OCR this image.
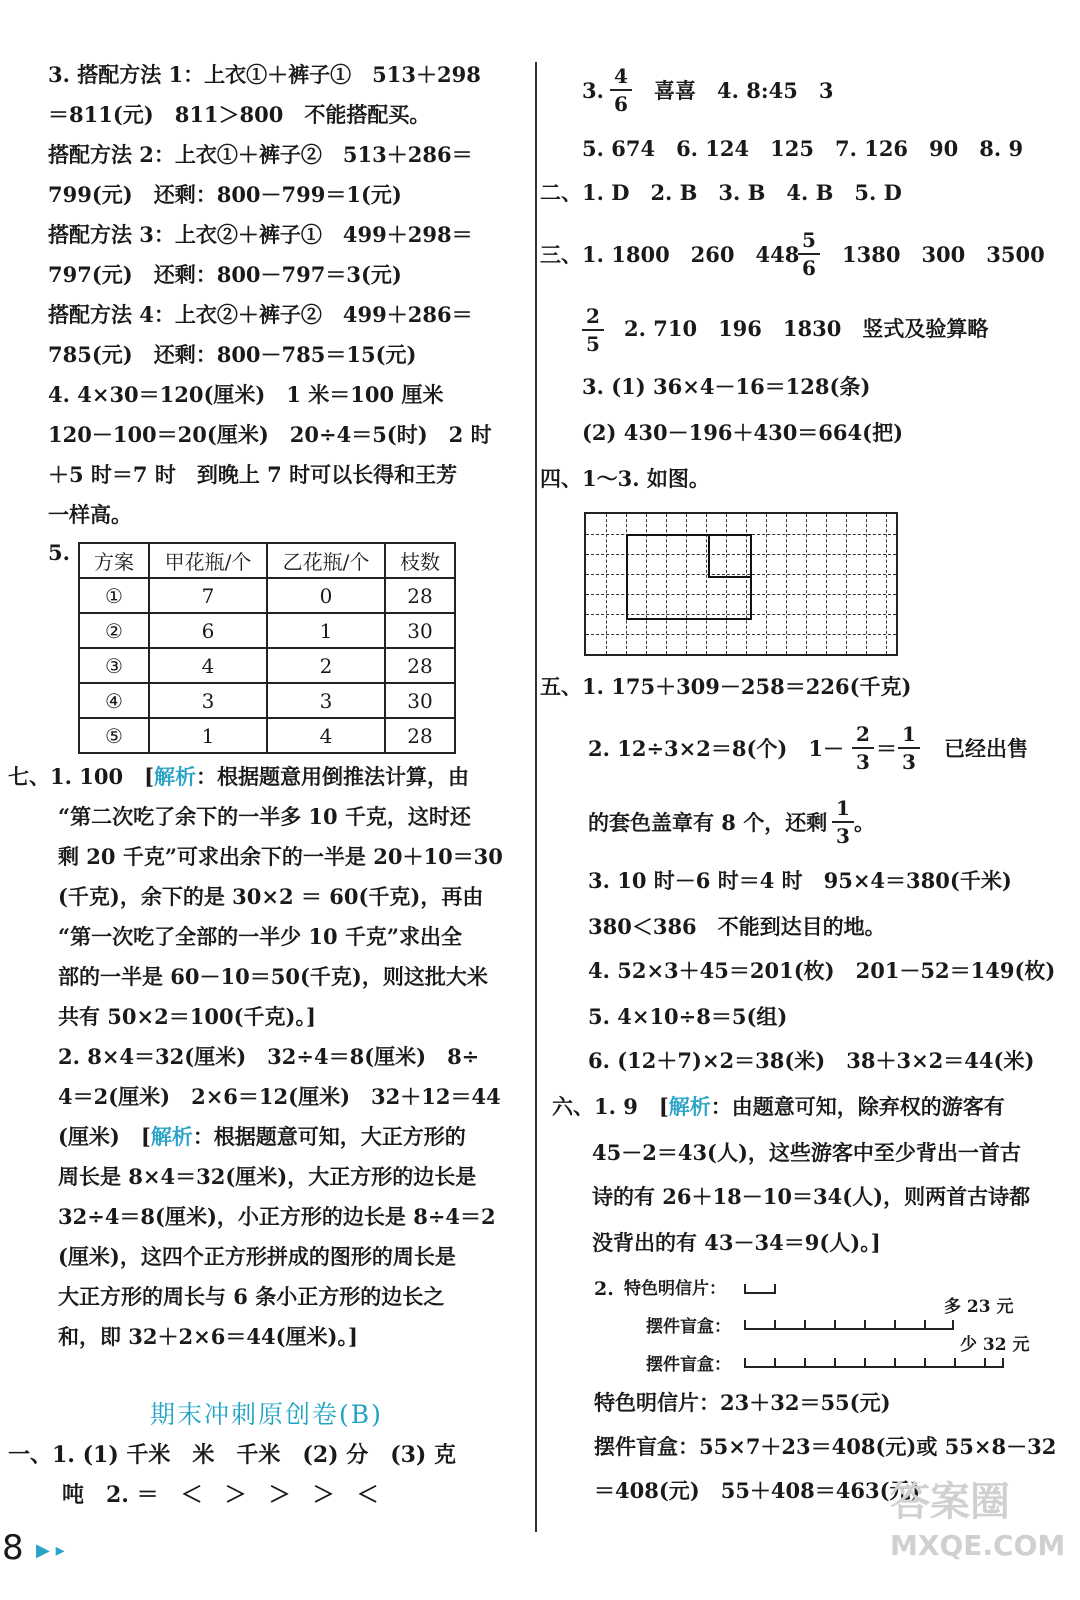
3. 搭配方法 1：上衣①＋裤子①　513＋298
＝811(元)　811＞800　不能搭配买。
搭配方法 2：上衣①＋裤子②　513＋286＝
799(元)　还剩：800－799＝1(元)
搭配方法 3：上衣②＋裤子①　499＋298＝
797(元)　还剩：800－797＝3(元)
搭配方法 4：上衣②＋裤子②　499＋286＝
785(元)　还剩：800－785＝15(元)
4. 4×30＝120(厘米)　1 米＝100 厘米
120－100＝20(厘米)　20÷4＝5(时)　2 时
＋5 时＝7 时　到晚上 7 时可以长得和王芳
一样高。
5. 方案	甲花瓶/个	乙花瓶/个	枝数
①	7	0	28
②	6	1	30
③	4	2	28
④	3	3	30
⑤	1	4	28
七、1. 100　[解析：根据题意用倒推法计算，由
“第二次吃了余下的一半多 10 千克，这时还
剩 20 千克”可求出余下的一半是 20＋10＝30
(千克)，余下的是 30×2 ＝ 60(千克)，再由
“第一次吃了全部的一半少 10 千克”求出全
部的一半是 60－10＝50(千克)，则这批大米
共有 50×2＝100(千克)。]
2. 8×4＝32(厘米)　32÷4＝8(厘米)　8÷
4＝2(厘米)　2×6＝12(厘米)　32＋12＝44
(厘米)　[解析：根据题意可知，大正方形的
周长是 8×4＝32(厘米)，大正方形的边长是
32÷4＝8(厘米)，小正方形的边长是 8÷4＝2
(厘米)，这四个正方形拼成的图形的周长是
大正方形的周长与 6 条小正方形的边长之
和，即 32＋2×6＝44(厘米)。]
期末冲刺原创卷(B)
一、1. (1) 千米　米　千米　(2) 分　(3) 克
吨　2. ＝　＜　＞　＞　＞　＜
3.
4
6
喜喜　4. 8:45　3
5. 674　6. 124　125　7. 126　90　8. 9
二、1. D　2. B　3. B　4. B　5. D
三、1. 1800　260　448
5
6
1380　300　3500
2
5
2. 710　196　1830　竖式及验算略
3. (1) 36×4－16＝128(条)
(2) 430－196＋430＝664(把)
四、1～3. 如图。
五、1. 175＋309－258＝226(千克)
2. 12÷3×2＝8(个)　1－
2
3
＝
1
3
已经出售
的套色盖章有 8 个，还剩
1
3
。
3. 10 时－6 时＝4 时　95×4＝380(千米)
380＜386　不能到达目的地。
4. 52×3＋45＝201(枚)　201－52＝149(枚)
5. 4×10÷8＝5(组)
6. (12＋7)×2＝38(米)　38＋3×2＝44(米)
六、1. 9　[解析：由题意可知，除弃权的游客有
45－2＝43(人)，这些游客中至少背出一首古
诗的有 26＋18－10＝34(人)，则两首古诗都
没背出的有 43－34＝9(人)。]
2. 特色明信片：
多 23 元
摆件盲盒：
少 32 元
摆件盲盒：
特色明信片：23＋32＝55(元)
摆件盲盒：55×7＋23＝408(元)或 55×8－32
＝408(元)　55＋408＝463(元)
8 ▶ ▸
答案圈
MXQE.COM
